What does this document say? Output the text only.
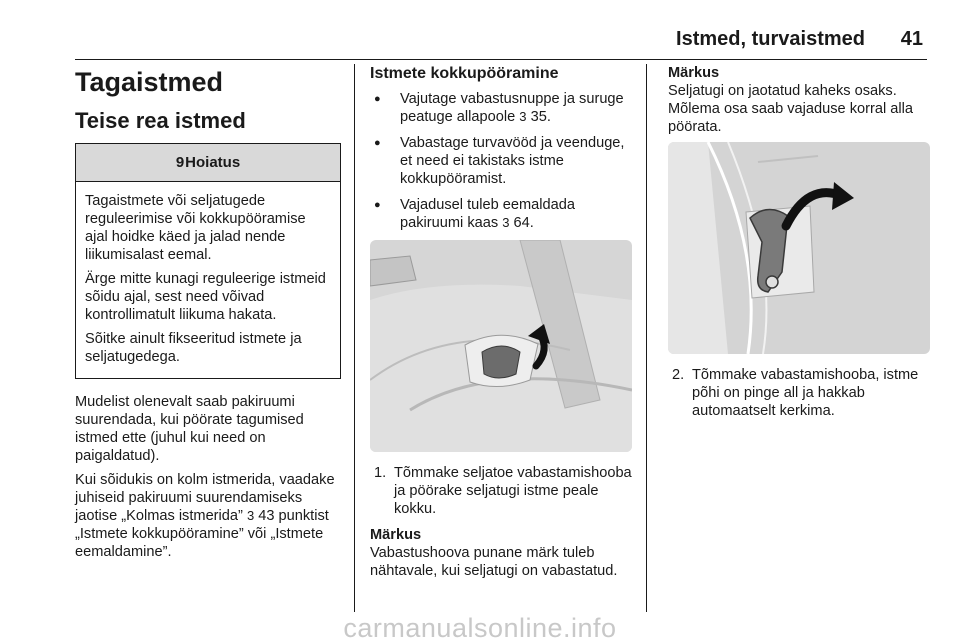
Istmed, turvaistmed 41
Tagaistmed
Teise rea istmed
9 Hoiatus

Tagaistmete või seljatugede reguleerimise või kokkupööramise ajal hoidke käed ja jalad nende liikumisalast eemal.

Ärge mitte kunagi reguleerige istmeid sõidu ajal, sest need võivad kontrollimatult liikuma hakata.

Sõitke ainult fikseeritud istmete ja seljatugedega.

Mudelist olenevalt saab pakiruumi suurendada, kui pöörate tagumised istmed ette (juhul kui need on paigaldatud).

Kui sõidukis on kolm istmerida, vaadake juhiseid pakiruumi suurendamiseks jaotise „Kolmas istmerida” 3 43 punktist „Istmete kokkupööramine” või „Istmete eemaldamine”.

Istmete kokkupööramine
● Vajutage vabastusnuppe ja suruge peatuge allapoole 3 35.
● Vabastage turvavööd ja veenduge, et need ei takistaks istme kokkupööramist.
● Vajadusel tuleb eemaldada pakiruumi kaas 3 64.
1. Tõmmake seljatoe vabastamishooba ja pöörake seljatugi istme peale kokku.
Märkus

Vabastushoova punane märk tuleb nähtavale, kui seljatugi on vabastatud.

Märkus

Seljatugi on jaotatud kaheks osaks. Mõlema osa saab vajaduse korral alla pöörata.

2. Tõmmake vabastamishooba, istme põhi on pinge all ja hakkab automaatselt kerkima.
carmanualsonline.info
